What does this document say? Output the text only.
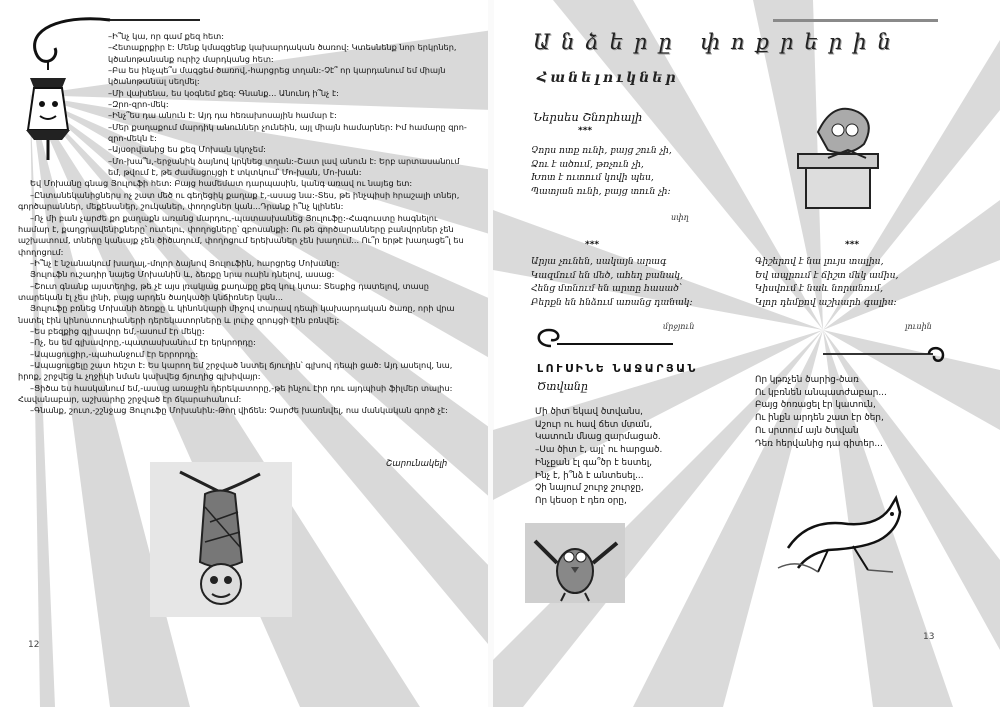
–Ի՞նչ կա, որ գամ քեզ հետ:

–Հետաքրքիր է: Մենք կմազցենք կախարդական ծառով: Կտեսնենք նոր երկրներ, կծանոթանանք ուրիշ մարդկանց հետ:

–Բա ես ինչպե՞ս մազցեմ ծառով,-հարցրեց տղան:-Չէ՞ որ կարդանում եմ միայն կծանոթանալ սեղմել:

–Մի վախենա, ես կօգնեմ քեզ: Գնանք... Անունդ ի՞նչ է:

–Զրո-զրո-մեկ:

–Ինչ՞ես դա անուն է: Այդ դա հեռախոսային համար է:

–Մեր քաղաքում մարդիկ անուններ չունեին, այլ միայն համարներ: Իմ համարը զրո-զրո-մեկն է:

–Այսօրվանից ես քեզ Մոխան կկոչեմ:

–Մո-խա՞ն,-երջանիկ ձայնով կրկնեց տղան:-Շատ լավ անուն է: Երբ արտասանում եմ, թվում է, թե ժամացույցի է տկտկում՝ Մո-խան, Մո-խան:

Եվ Մոխանը գնաց Յուլուֆի հետ: Բայց համեմատ դարպասին, կանգ առավ ու նայեց ետ:

–Ընտանեկանիցներս ոչ շատ մեծ ու գեղեցիկ քաղաք է,-ասաց նա:-Տես, թե ինչպիսի հրաշալի տներ, գործարաններ, մեքենաներ, շուկաներ, փողոցներ կան...Դրանք ի՞նչ կլինեն:

–Ոչ մի բան չարժե քո քաղաքն առանց մարդու,-պատասխանեց Յուլուֆը:-Հագուստը հագնելու համար է, քաղցրավենիքները՝ ուտելու, փողոցները՝ զբոսանքի: Ու թե գործարանները բանվորներ չեն աշխատում, տները կանայք չեն ծիծաղում, փողոցում երեխաներ չեն խաղում... Ու՞ր երթէ խաղացե՞լ ես փողոցում:

–Ի՞նչ է նշանակում խաղալ,-մոլոր ձայնով Յուլուֆին, հարցրեց Մոխանը:

Յուլուֆն ուշադիր նայեց Մոխանին և, ձեռքը նրա ուսին դնելով, ասաց:

–Շուտ գնանք այստեղից, թե չէ այս լռակյաց քաղաքը քեզ կուլ կտա: Տեսքից դատելով, տասը տարեկան էլ չես լինի, բայց արդեն ծաղկածի կնճիռներ կան...

Յուլուֆը բռնեց Մոխանի ձեռքը և կինոնկարի միջով տարավ դեպի կախարդական ծառը, որի վրա նստել էին կինոստուդիաների դերեկատորները և լուրջ զրույցի էին բռնվել:

–Ես բեզքից գլխավոր եմ,-ասում էր մեկը:

–Ոչ, ես եմ գլխավորը,-պատասխանում էր երկրորդը:

–Ապացուցիր,-պահանջում էր երրորդը:

–Ապացուցելը շատ հեշտ է: Ես կարող եմ շրջված նստել ճյուղին՝ գլխով դեպի ցած: Այդ ասելով, նա, իրոք, շրջվեց և չղջիկի նման կախվեց ճյուղից գլխիվայր:

–Ցիծա ես հասկանում եմ,-ասաց առաջին դերեկատորը,-թե ինչու էիր դու այդպիսի ֆիլմեր տալիս: Հավանաբար, աշխարհը շրջված էր ճկարահանում:

–Գնանք, շուտ,-շշնջաց Յուլուֆը Մոխանին:-Թող վիճեն: Չարժե խառնվել, ոա մանկական գործ չէ:

Շարունակելի
12
Անձերը փոքրերին
Հանելուկներ
Ներսես Շնորհալի
***
Չորս ոտք ունի, բայց շուն չի,
Ձու է ածում, թռչուն չի,
Խոտ է ուտում կովի պես,
Պատյան ունի, բայց տուն չի:
սփղ
***
Արյա չունեն, սակայն արագ
Կազմում են մեծ, ահեղ բանակ,
Հենց մտնում են արտը հասած՝
Բերքն են հնձում առանց դանակ:
մրջյուն
***
Գիշերով է նա լույս տալիս,
Եվ ապրում է ճիշտ մեկ ամիս,
Կիսվում է նաև նորանում,
Կլոր դեմքով աշխարհ գալիս:
լուսին
ԼՈՒՍԻՆԵ ՆԱՋԱՐՅԱՆ
Ծտվանը
Մի ծիտ եկավ ծտվանս,
Աշուր ու հավ ճետ մտան,
Կատուն մնաց զարմացած.
–Սա ծիտ է, այլ՝ ու հարցած.
Ինչքան էլ գա՞ծր է եստել,
Ինչ է, ի՞նձ է անտեսել...
Չի նայում շուրջ շուրջը,
Որ կեսօր է դեռ օրը,
Որ կթռչեն ծարից-ծառ
Ու կբռնեն անպատժաբար...
Բայց ծոռացել էր կատուն,
Ու ինքն արդեն շատ էր ծեր,
Ու սրտում այն ծտվան
Դեռ հերվանից դա գիտեր...
13
